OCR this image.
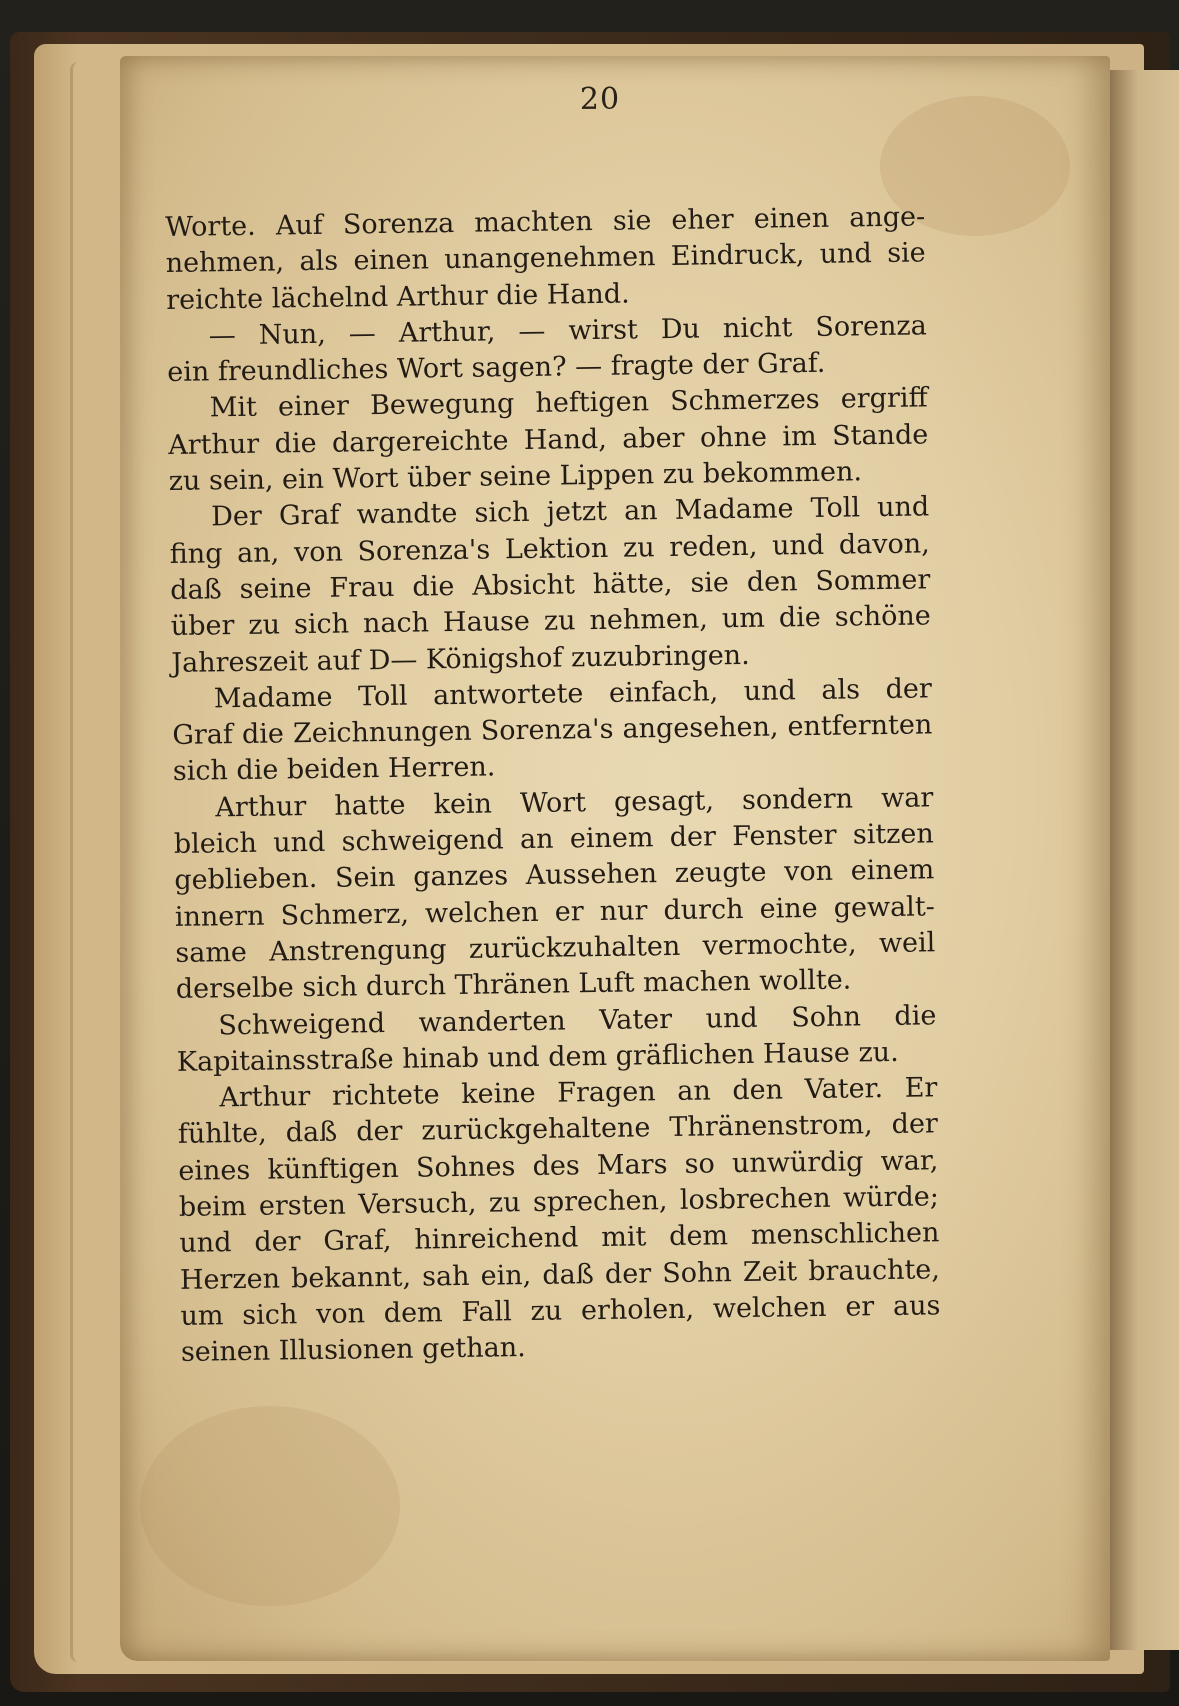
20
Worte. Auf Sorenza machten sie eher einen ange-
nehmen, als einen unangenehmen Eindruck, und sie
reichte lächelnd Arthur die Hand.
— Nun, — Arthur, — wirst Du nicht Sorenza
ein freundliches Wort sagen? — fragte der Graf.
Mit einer Bewegung heftigen Schmerzes ergriff
Arthur die dargereichte Hand, aber ohne im Stande
zu sein, ein Wort über seine Lippen zu bekommen.
Der Graf wandte sich jetzt an Madame Toll und
fing an, von Sorenza's Lektion zu reden, und davon,
daß seine Frau die Absicht hätte, sie den Sommer
über zu sich nach Hause zu nehmen, um die schöne
Jahreszeit auf D— Königshof zuzubringen.
Madame Toll antwortete einfach, und als der
Graf die Zeichnungen Sorenza's angesehen, entfernten
sich die beiden Herren.
Arthur hatte kein Wort gesagt, sondern war
bleich und schweigend an einem der Fenster sitzen
geblieben. Sein ganzes Aussehen zeugte von einem
innern Schmerz, welchen er nur durch eine gewalt-
same Anstrengung zurückzuhalten vermochte, weil
derselbe sich durch Thränen Luft machen wollte.
Schweigend wanderten Vater und Sohn die
Kapitainsstraße hinab und dem gräflichen Hause zu.
Arthur richtete keine Fragen an den Vater. Er
fühlte, daß der zurückgehaltene Thränenstrom, der
eines künftigen Sohnes des Mars so unwürdig war,
beim ersten Versuch, zu sprechen, losbrechen würde;
und der Graf, hinreichend mit dem menschlichen
Herzen bekannt, sah ein, daß der Sohn Zeit brauchte,
um sich von dem Fall zu erholen, welchen er aus
seinen Illusionen gethan.
